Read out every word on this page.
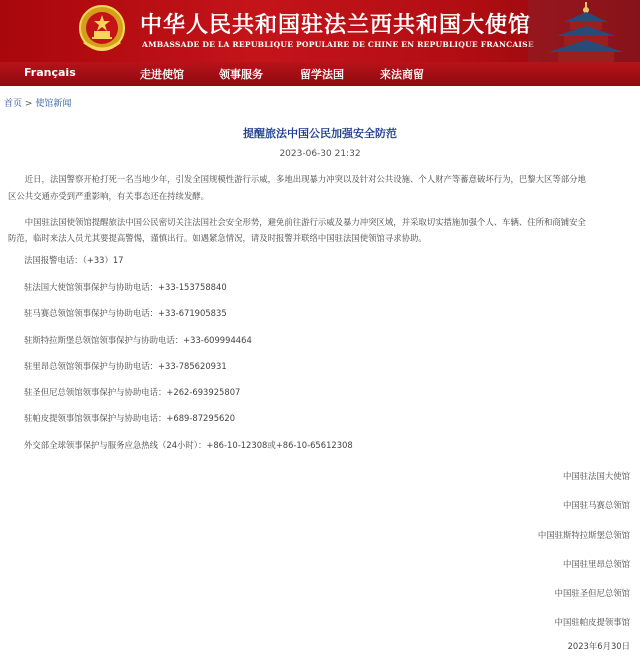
中华人民共和国驻法兰西共和国大使馆
AMBASSADE DE LA REPUBLIQUE POPULAIRE DE CHINE EN REPUBLIQUE FRANCAISE
Français	走进使馆	领事服务	留学法国	来法商留
首页 > 使馆新闻
提醒旅法中国公民加强安全防范
2023-06-30 21:32
近日，法国警察开枪打死一名当地少年，引发全国规模性游行示威，多地出现暴力冲突以及针对公共设施、个人财产等蓄意破坏行为，巴黎大区等部分地
区公共交通亦受到严重影响，有关事态还在持续发酵。
中国驻法国使领馆提醒旅法中国公民密切关注法国社会安全形势，避免前往游行示威及暴力冲突区域，并采取切实措施加强个人、车辆、住所和商铺安全
防范，临时来法人员尤其要提高警惕，谨慎出行。如遇紧急情况，请及时报警并联络中国驻法国使领馆寻求协助。
法国报警电话：（+33）17
驻法国大使馆领事保护与协助电话：+33-153758840
驻马赛总领馆领事保护与协助电话：+33-671905835
驻斯特拉斯堡总领馆领事保护与协助电话：+33-609994464
驻里昂总领馆领事保护与协助电话：+33-785620931
驻圣但尼总领馆领事保护与协助电话：+262-693925807
驻帕皮提领事馆领事保护与协助电话：+689-87295620
外交部全球领事保护与服务应急热线（24小时）：+86-10-12308或+86-10-65612308
中国驻法国大使馆
中国驻马赛总领馆
中国驻斯特拉斯堡总领馆
中国驻里昂总领馆
中国驻圣但尼总领馆
中国驻帕皮提领事馆
2023年6月30日
